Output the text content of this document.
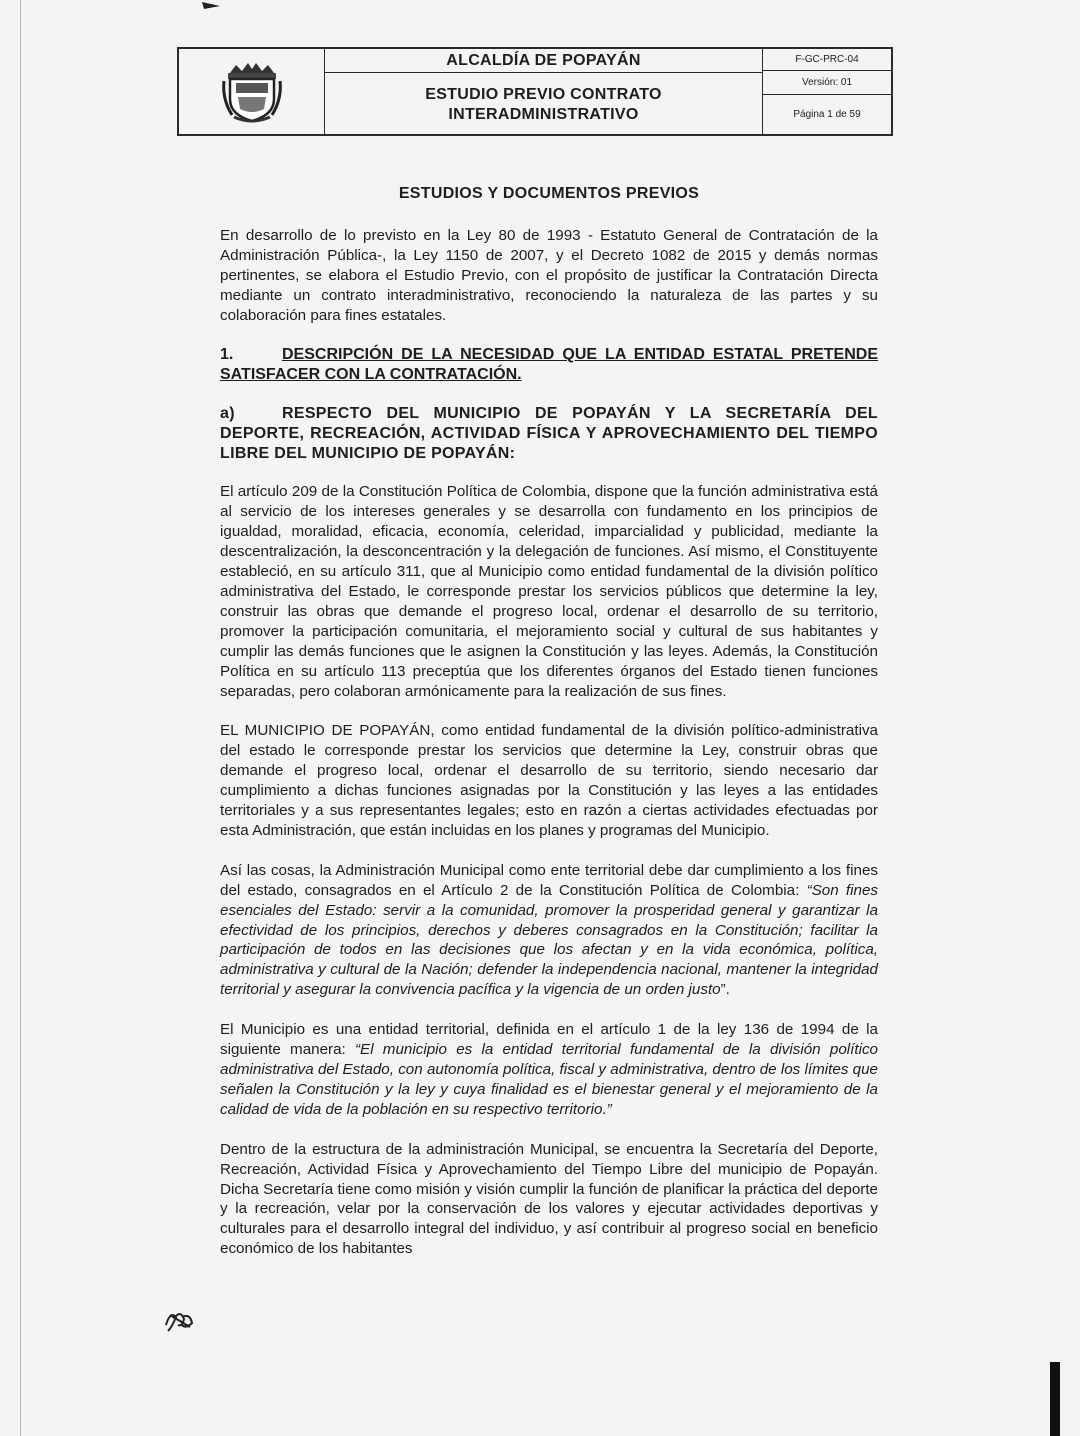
ALCALDÍA DE POPAYÁN
ESTUDIO PREVIO CONTRATO
INTERADMINISTRATIVO
F-GC-PRC-04
Versión: 01
Página 1 de 59
ESTUDIOS Y DOCUMENTOS PREVIOS

En desarrollo de lo previsto en la Ley 80 de 1993 - Estatuto General de Contratación de la Administración Pública-, la Ley 1150 de 2007, y el Decreto 1082 de 2015 y demás normas pertinentes, se elabora el Estudio Previo, con el propósito de justificar la Contratación Directa mediante un contrato interadministrativo, reconociendo la naturaleza de las partes y su colaboración para fines estatales.

1.	DESCRIPCIÓN DE LA NECESIDAD QUE LA ENTIDAD ESTATAL PRETENDE SATISFACER CON LA CONTRATACIÓN.
a)	RESPECTO DEL MUNICIPIO DE POPAYÁN Y LA SECRETARÍA DEL DEPORTE, RECREACIÓN, ACTIVIDAD FÍSICA Y APROVECHAMIENTO DEL TIEMPO LIBRE DEL MUNICIPIO DE POPAYÁN:

El artículo 209 de la Constitución Política de Colombia, dispone que la función administrativa está al servicio de los intereses generales y se desarrolla con fundamento en los principios de igualdad, moralidad, eficacia, economía, celeridad, imparcialidad y publicidad, mediante la descentralización, la desconcentración y la delegación de funciones. Así mismo, el Constituyente estableció, en su artículo 311, que al Municipio como entidad fundamental de la división político administrativa del Estado, le corresponde prestar los servicios públicos que determine la ley, construir las obras que demande el progreso local, ordenar el desarrollo de su territorio, promover la participación comunitaria, el mejoramiento social y cultural de sus habitantes y cumplir las demás funciones que le asignen la Constitución y las leyes. Además, la Constitución Política en su artículo 113 preceptúa que los diferentes órganos del Estado tienen funciones separadas, pero colaboran armónicamente para la realización de sus fines.

EL MUNICIPIO DE POPAYÁN, como entidad fundamental de la división político-administrativa del estado le corresponde prestar los servicios que determine la Ley, construir obras que demande el progreso local, ordenar el desarrollo de su territorio, siendo necesario dar cumplimiento a dichas funciones asignadas por la Constitución y las leyes a las entidades territoriales y a sus representantes legales; esto en razón a ciertas actividades efectuadas por esta Administración, que están incluidas en los planes y programas del Municipio.

Así las cosas, la Administración Municipal como ente territorial debe dar cumplimiento a los fines del estado, consagrados en el Artículo 2 de la Constitución Política de Colombia: “Son fines esenciales del Estado: servir a la comunidad, promover la prosperidad general y garantizar la efectividad de los principios, derechos y deberes consagrados en la Constitución; facilitar la participación de todos en las decisiones que los afectan y en la vida económica, política, administrativa y cultural de la Nación; defender la independencia nacional, mantener la integridad territorial y asegurar la convivencia pacífica y la vigencia de un orden justo”.

El Municipio es una entidad territorial, definida en el artículo 1 de la ley 136 de 1994 de la siguiente manera: “El municipio es la entidad territorial fundamental de la división político administrativa del Estado, con autonomía política, fiscal y administrativa, dentro de los límites que señalen la Constitución y la ley y cuya finalidad es el bienestar general y el mejoramiento de la calidad de vida de la población en su respectivo territorio.”

Dentro de la estructura de la administración Municipal, se encuentra la Secretaría del Deporte, Recreación, Actividad Física y Aprovechamiento del Tiempo Libre del municipio de Popayán. Dicha Secretaría tiene como misión y visión cumplir la función de planificar la práctica del deporte y la recreación, velar por la conservación de los valores y ejecutar actividades deportivas y culturales para el desarrollo integral del individuo, y así contribuir al progreso social en beneficio económico de los habitantes
